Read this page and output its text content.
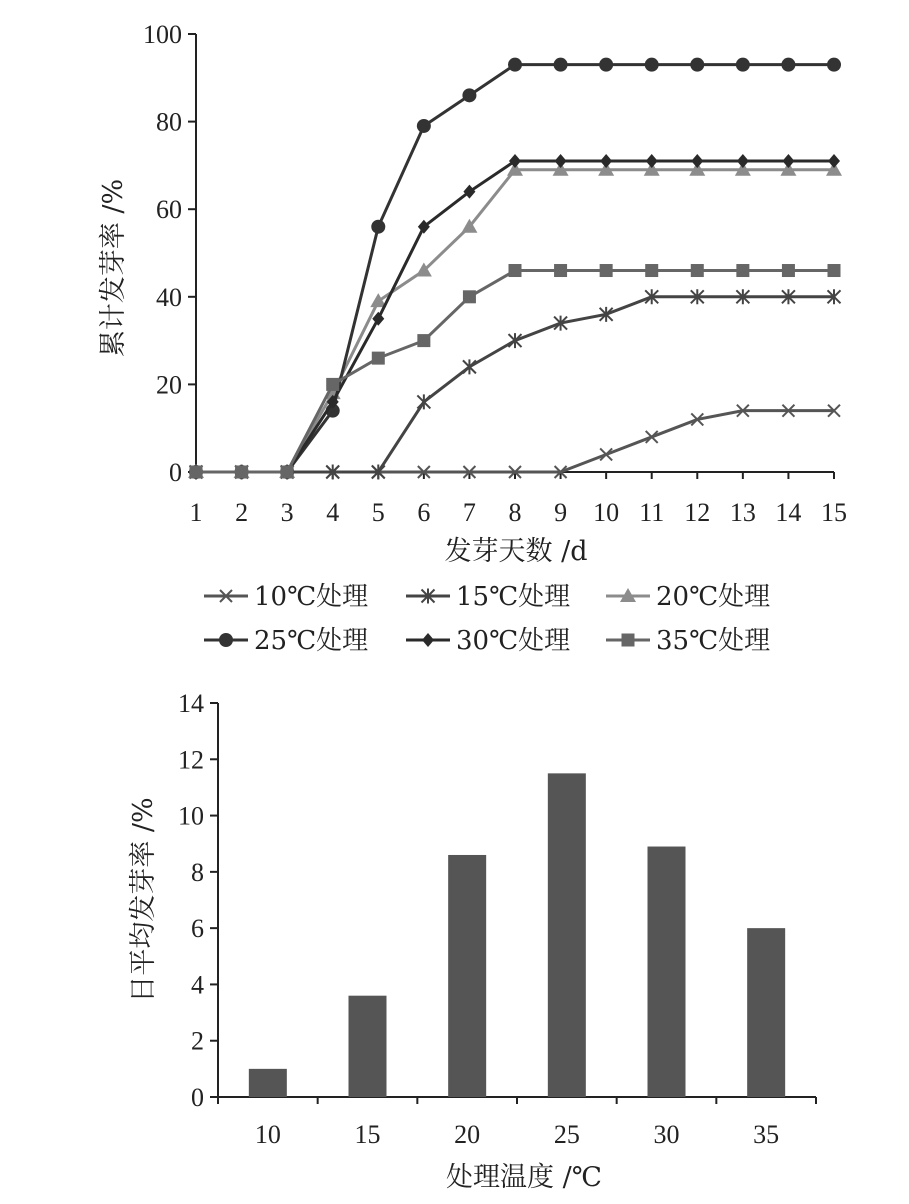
0
20
40
60
80
100
1 2 3 4 5 6 7 8 9 10 11 12 13 14 15
发芽天数 /d
累计发芽率 /%
10℃处理	15℃处理	20℃处理
25℃处理	30℃处理	35℃处理
0
2
4
6
8
10
12
14
10	15	20	25	30	35
处理温度 /℃
日平均发芽率 /%
